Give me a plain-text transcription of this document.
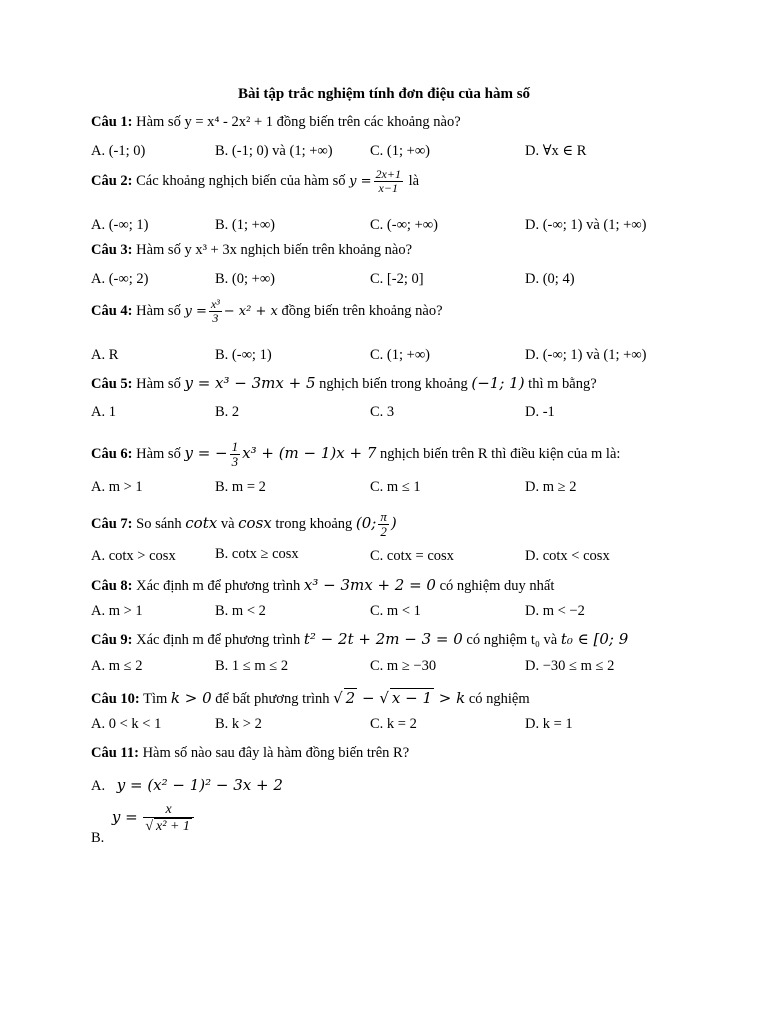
Bài tập trắc nghiệm tính đơn điệu của hàm số
Câu 1: Hàm số y = x⁴ - 2x² + 1 đồng biến trên các khoảng nào?
A. (-1; 0)	B. (-1; 0) và (1; +∞)	C. (1; +∞)	D. ∀x ∈ R
Câu 2: Các khoảng nghịch biến của hàm số $y = \frac{2x+1}{x-1}$ là
A. (-∞; 1)	B. (1; +∞)	C. (-∞; +∞)	D. (-∞; 1) và (1; +∞)
Câu 3: Hàm số y x³ + 3x nghịch biến trên khoảng nào?
A. (-∞; 2)	B. (0; +∞)	C. [-2; 0]	D. (0; 4)
Câu 4: Hàm số $y = \frac{\text{x³}}{3} - x^2 + x$ đồng biến trên khoảng nào?
A. R	B. (-∞; 1)	C. (1; +∞)	D. (-∞; 1) và (1; +∞)
Câu 5: Hàm số y = x³ − 3mx + 5 nghịch biến trong khoảng (−1; 1) thì m bằng?
A. 1	B. 2	C. 3	D. -1
Câu 6: Hàm số y = − $\frac{1}{3} x^3 + (m - 1)x + 7$ nghịch biến trên R thì điều kiện của m là:
A. m > 1	B. m = 2	C. m ≤ 1	D. m ≥ 2
Câu 7: So sánh cotx và cosx trong khoảng (0; $\frac{\pi}{2}$ )
A. cotx > cosx	B. cotx ≥ cosx	C. cotx = cosx	D. cotx < cosx
Câu 8: Xác định m để phương trình x³ − 3mx + 2 = 0 có nghiệm duy nhất
A. m > 1	B. m < 2	C. m < 1	D. m < −2
Câu 9: Xác định m để phương trình t² − 2t + 2m − 3 = 0 có nghiệm t₀ và t₀ ∈ [0; 9
A. m ≤ 2	B. 1 ≤ m ≤ 2	C. m ≥ −30	D. −30 ≤ m ≤ 2
Câu 10: Tìm k > 0 để bất phương trình √ 2 − √ x − 1 > k có nghiệm
A. 0 < k < 1	B. k > 2	C. k = 2	D. k = 1
Câu 11: Hàm số nào sau đây là hàm đồng biến trên R?
A. y = (x² − 1)² − 3x + 2
B. $y = \frac{x}{\text{√ x² + 1}}$
